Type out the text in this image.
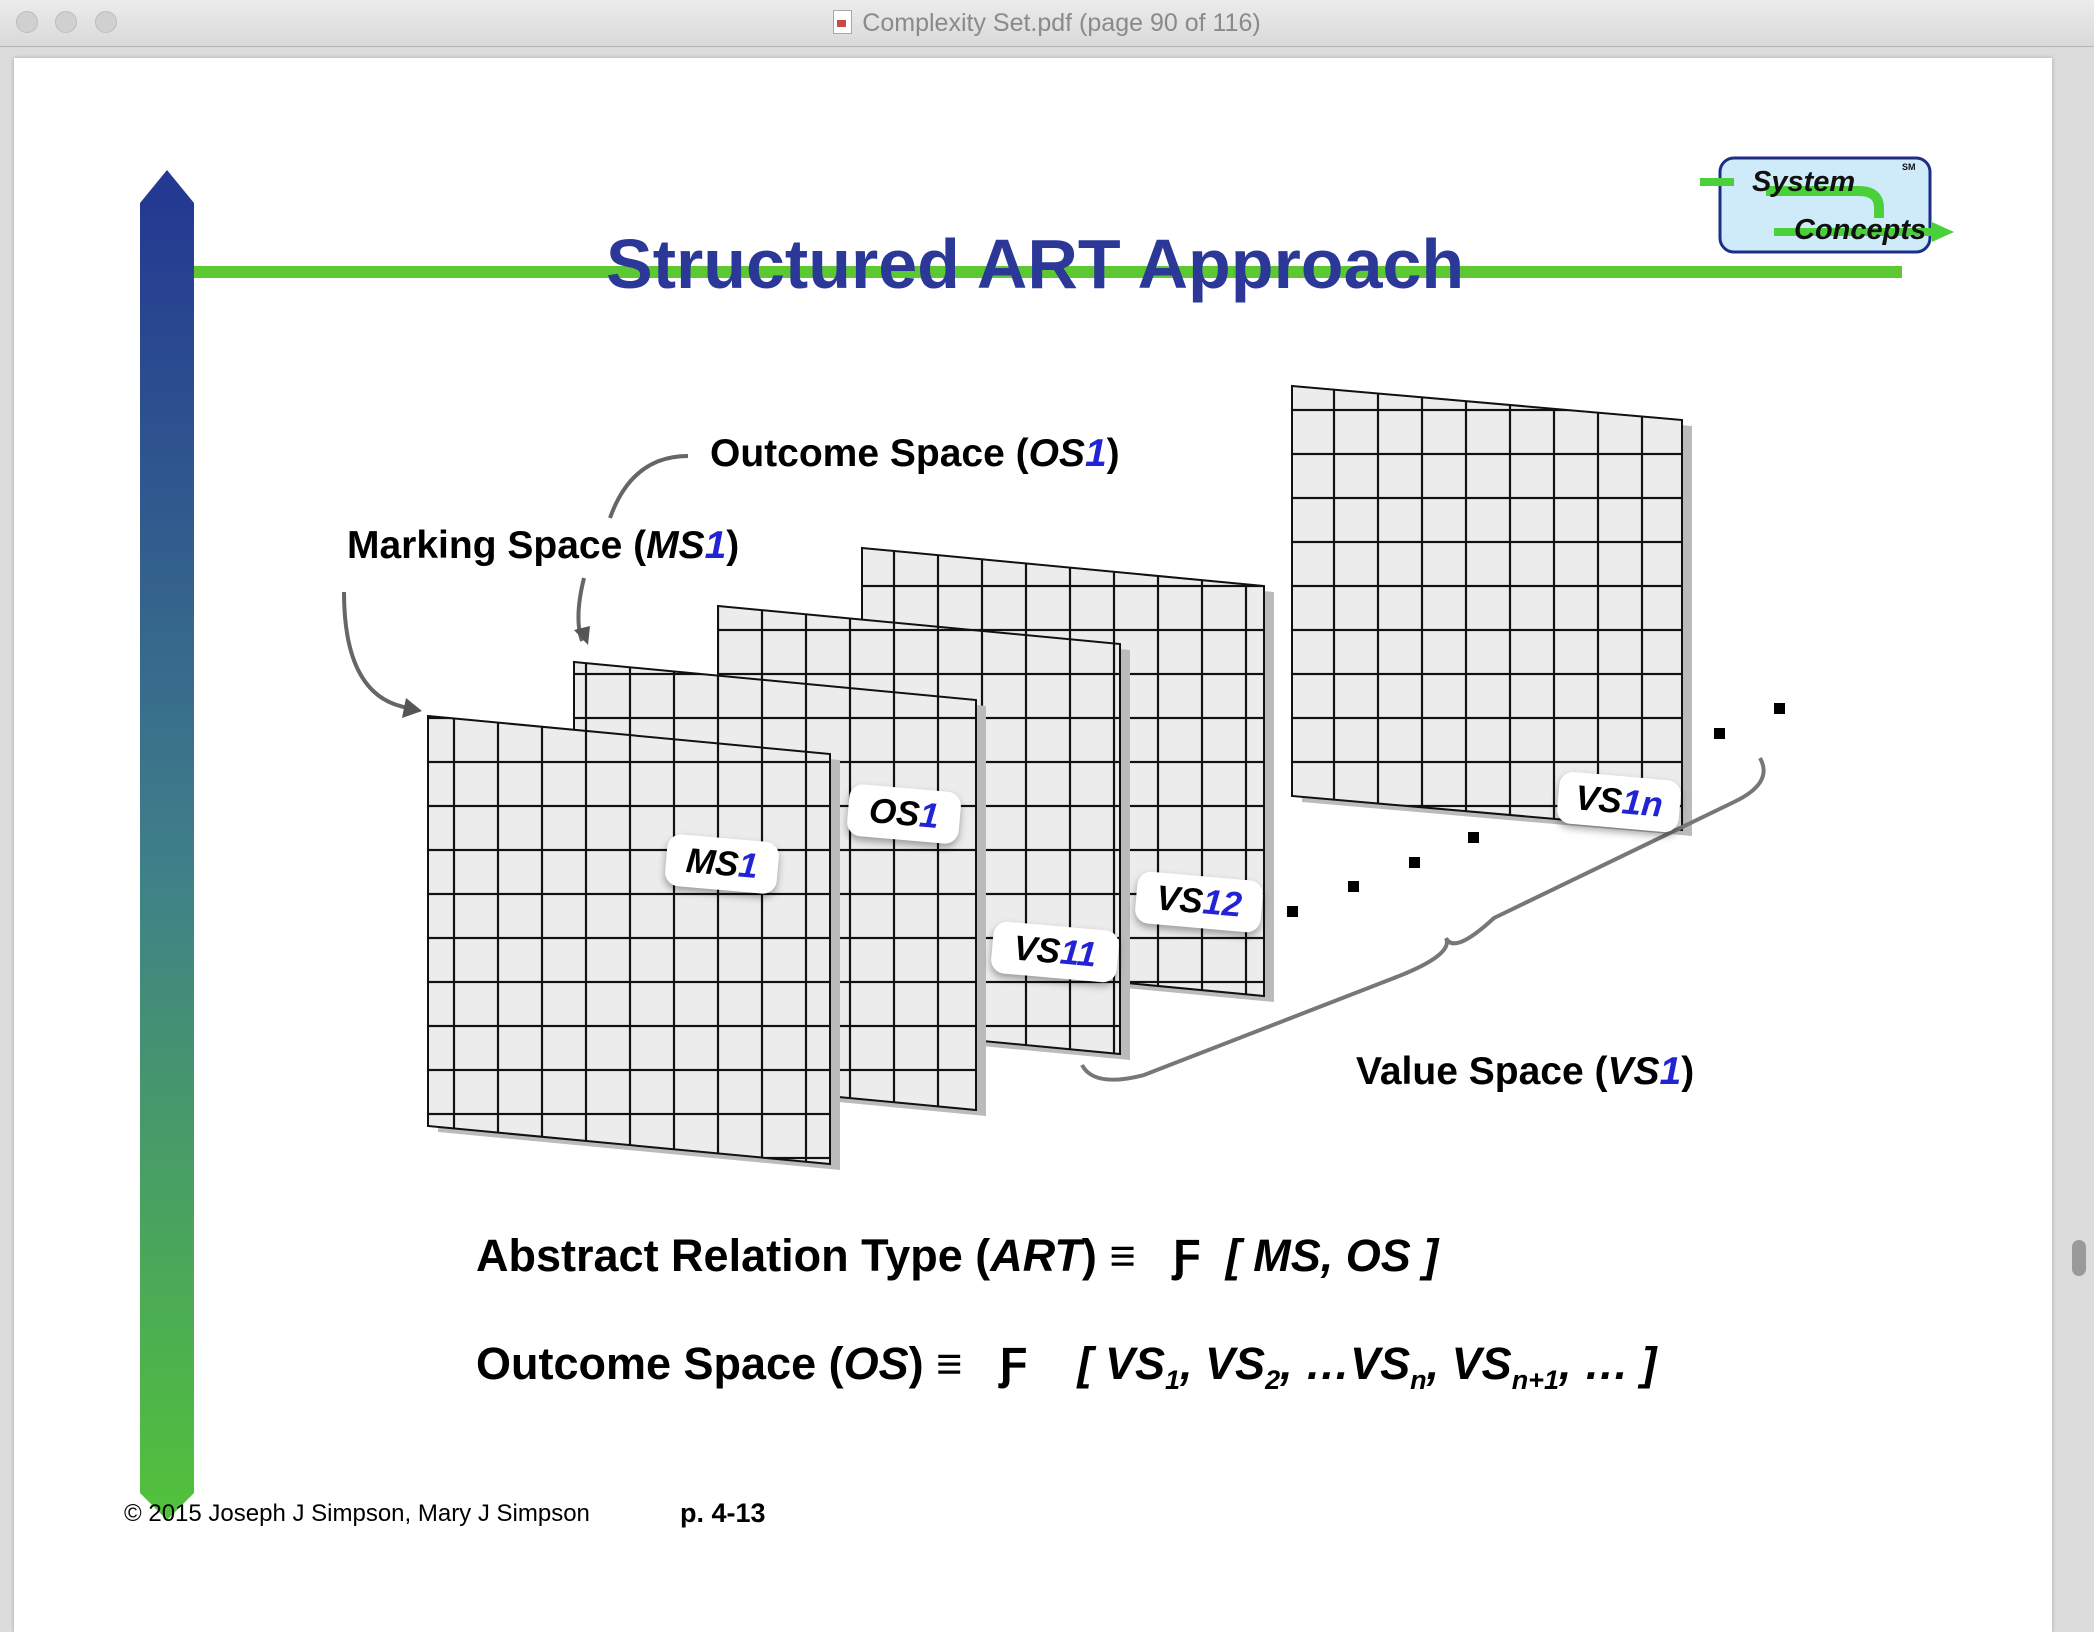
Complexity Set.pdf (page 90 of 116)
Structured ART Approach
System
Concepts
SM
Outcome Space (OS1)
Marking Space (MS1)
Value Space (VS1)
MS1
OS1
VS11
VS12
VS1n
Abstract Relation Type (ART) ≡ Ƒ [ MS, OS ]
Outcome Space (OS) ≡ Ƒ [ $VS_1$, $VS_2$, $\dots VS_n$, $VS_{n+1}$, … ]
© 2015 Joseph J Simpson, Mary J Simpson	p. 4-13
